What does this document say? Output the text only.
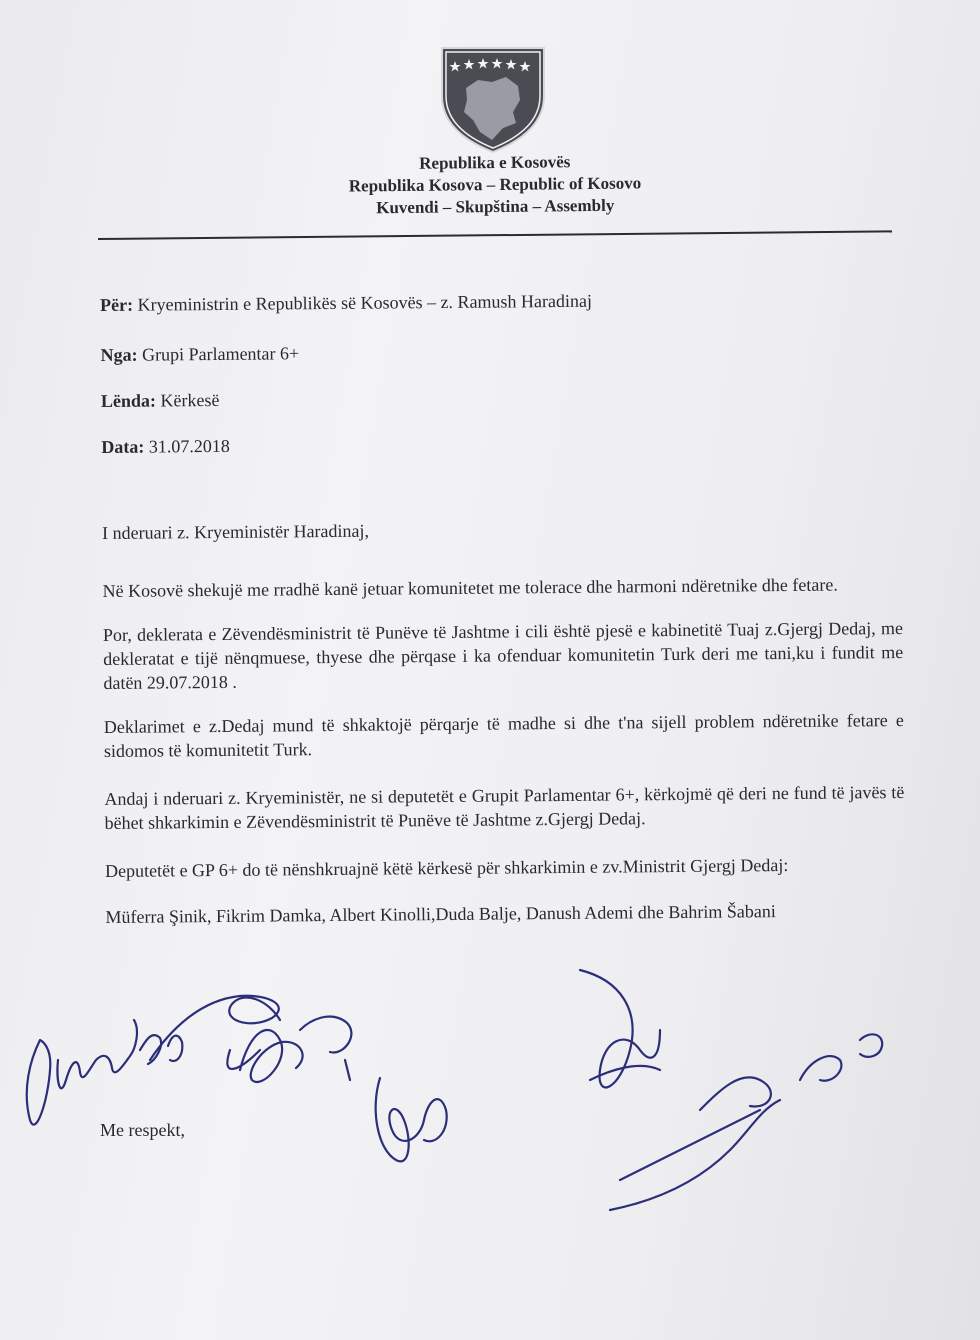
Republika e Kosovës
Republika Kosova – Republic of Kosovo
Kuvendi – Skupština – Assembly
Për: Kryeministrin e Republikës së Kosovës – z. Ramush Haradinaj
Nga: Grupi Parlamentar 6+
Lënda: Kërkesë
Data: 31.07.2018

I nderuari z. Kryeministër Haradinaj,

Në Kosovë shekujë me rradhë kanë jetuar komunitetet me tolerace dhe harmoni ndëretnike dhe fetare.

Por, deklerata e Zëvendësministrit të Punëve të Jashtme i cili është pjesë e kabinetitë Tuaj z.Gjergj Dedaj, me dekleratat e tijë nënqmuese, thyese dhe përqase i ka ofenduar komunitetin Turk deri me tani,ku i fundit me datën 29.07.2018 .

Deklarimet e z.Dedaj mund të shkaktojë përqarje të madhe si dhe t'na sijell problem ndëretnike fetare e sidomos të komunitetit Turk.

Andaj i nderuari z. Kryeministër, ne si deputetët e Grupit Parlamentar 6+, kërkojmë që deri ne fund të javës të bëhet shkarkimin e Zëvendësministrit të Punëve të Jashtme z.Gjergj Dedaj.

Deputetët e GP 6+ do të nënshkruajnë këtë kërkesë për shkarkimin e zv.Ministrit Gjergj Dedaj:

Müferra Şinik, Fikrim Damka, Albert Kinolli,Duda Balje, Danush Ademi dhe Bahrim Šabani

Me respekt,
